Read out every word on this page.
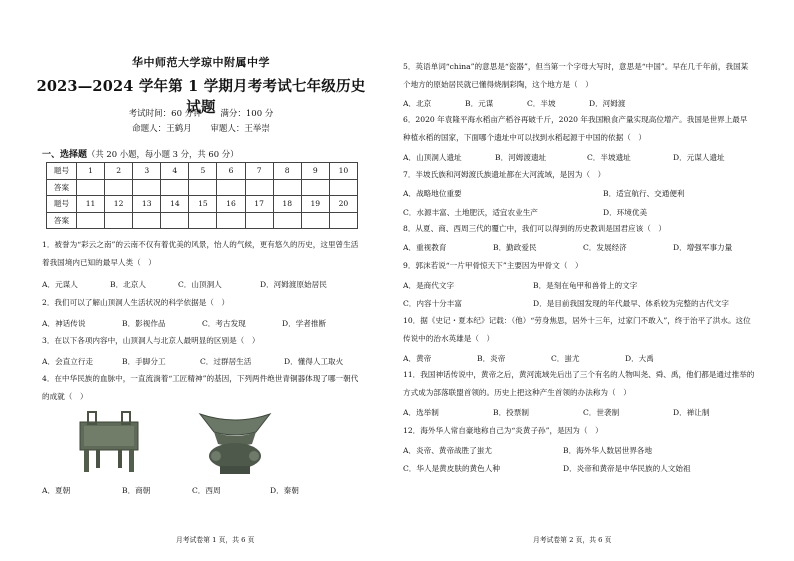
华中师范大学琼中附属中学
2023—2024 学年第 1 学期月考考试七年级历史试题
考试时间：60 分钟 满分：100 分
命题人：王鹤月 审题人：王举崇
一、选择题（共 20 小题，每小题 3 分，共 60 分）
题号	1	2	3	4	5	6	7	8	9	10
答案										
题号	11	12	13	14	15	16	17	18	19	20
答案										
1．被誉为“彩云之南”的云南不仅有着优美的风景，怡人的气候，更有悠久的历史，这里曾生活着我国境内已知的最早人类（　）
A．元谋人	B．北京人	C．山顶洞人	D．河姆渡原始居民
2．我们可以了解山顶洞人生活状况的科学依据是（　）
A．神话传说	B．影视作品	C．考古发现	D．学者推断
3．在以下各项内容中，山顶洞人与北京人最明显的区别是（　）
A．会直立行走	B．手脚分工	C．过群居生活	D．懂得人工取火
4．在中华民族的血脉中，一直流淌着“工匠精神”的基因，下列两件绝世青铜器体现了哪一朝代的成就（　）
A．夏朝	B．商朝	C．西周	D．秦朝
月考试卷第 1 页，共 6 页
5．英语单词“china”的意思是“瓷器”，但当第一个字母大写时，意思是“中国”。早在几千年前，我国某个地方的原始居民就已懂得烧制彩陶，这个地方是（　）
A．北京	B．元谋	C．半坡	D．河姆渡
6．2020 年袁隆平海水稻亩产稻谷再破千斤，2020 年我国粮食产量实现高位增产。我国是世界上最早种植水稻的国家，下面哪个遗址中可以找到水稻起源于中国的依据（　）
A．山顶洞人遗址	B．河姆渡遗址	C．半坡遗址	D．元谋人遗址
7．半坡氏族和河姆渡氏族遗址都在大河流域，是因为（　）
A．战略地位重要	B．适宜航行、交通便利
C．水源丰富、土地肥沃，适宜农业生产	D．环境优美
8．从夏、商、西周三代的覆亡中，我们可以得到的历史教训是国君应该（　）
A．重视教育	B．勤政爱民	C．发展经济	D．增强军事力量
9．郭沫若说“一片甲骨惊天下”主要因为甲骨文（　）
A．是商代文字	B．是刻在龟甲和兽骨上的文字
C．内容十分丰富	D．是目前我国发现的年代最早、体系较为完整的古代文字
10．据《史记・夏本纪》记载：（他）“劳身焦思，居外十三年，过家门不敢入”，终于治平了洪水。这位传说中的治水英雄是（　）
A．黄帝	B．炎帝	C．蚩尤	D．大禹
11．我国神话传说中，黄帝之后，黄河流域先后出了三个有名的人物叫尧、舜、禹，他们都是通过推举的方式成为部落联盟首领的。历史上把这种产生首领的办法称为（　）
A．选举制	B．投票制	C．世袭制	D．禅让制
12．海外华人常自豪地称自己为“炎黄子孙”，是因为（　）
A．炎帝、黄帝战胜了蚩尤	B．海外华人数居世界各地
C．华人是黄皮肤的黄色人种	D．炎帝和黄帝是中华民族的人文始祖
月考试卷第 2 页，共 6 页
